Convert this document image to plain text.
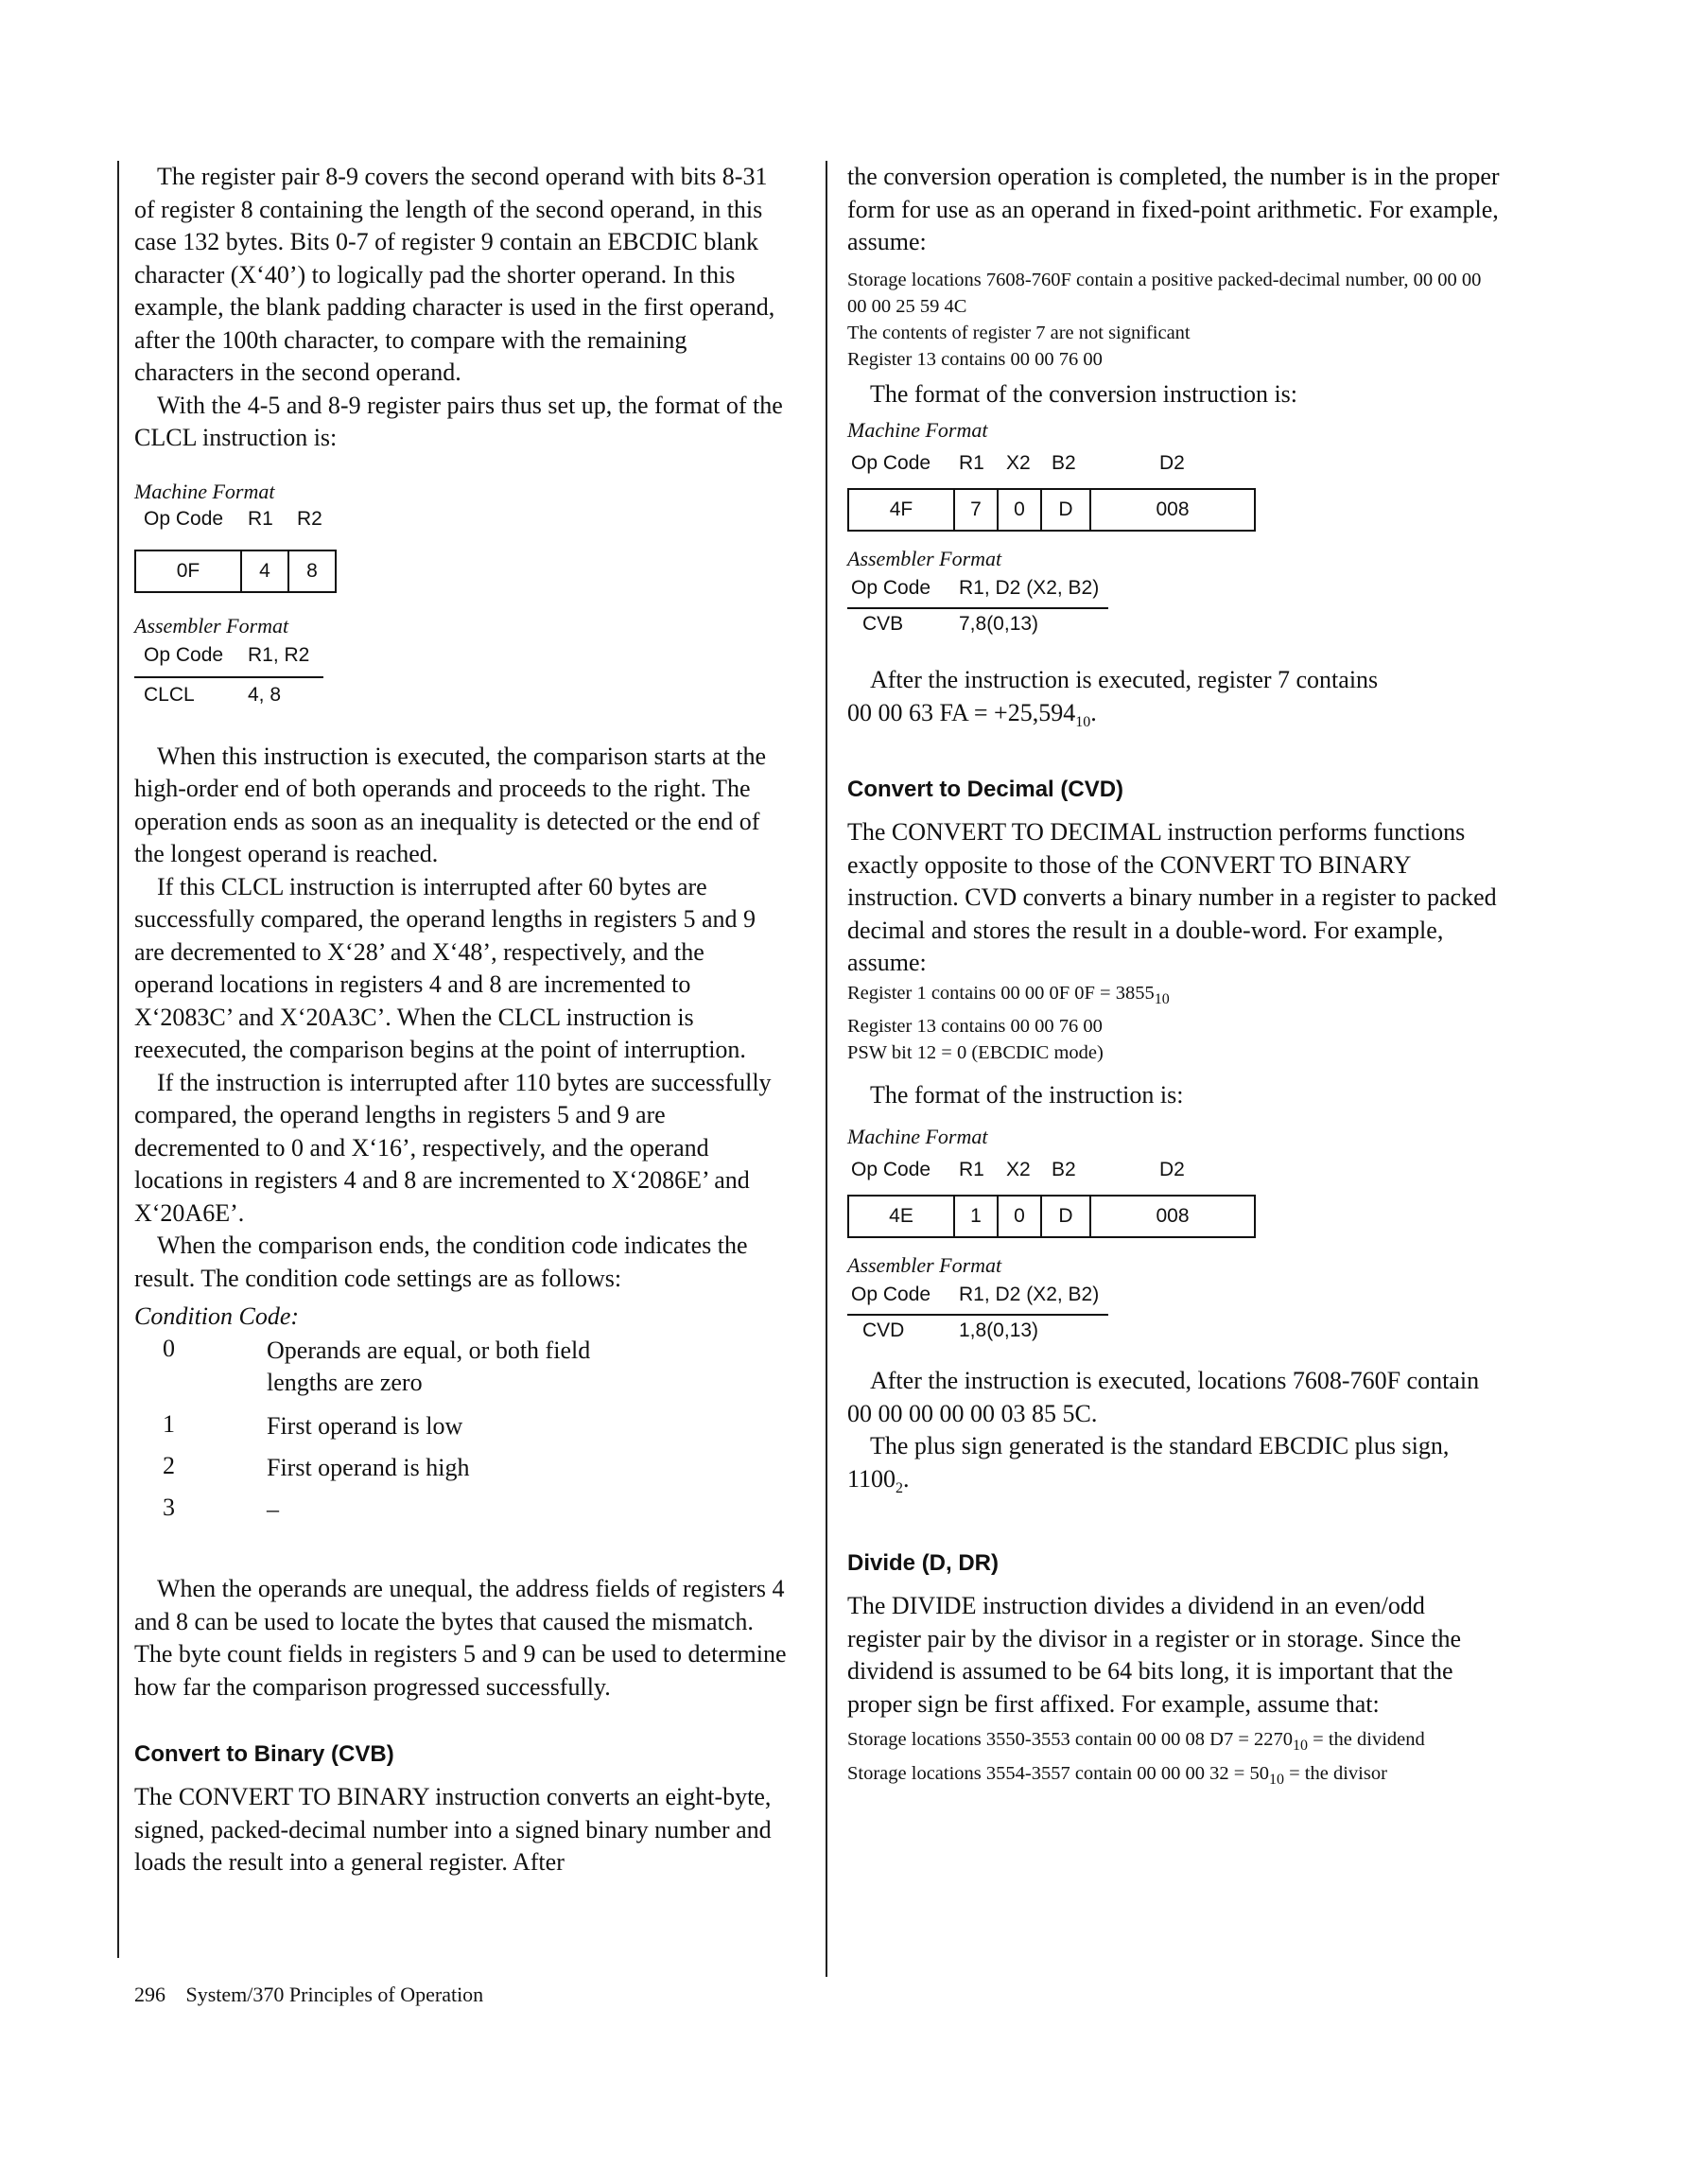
The register pair 8-9 covers the second operand with bits 8-31 of register 8 containing the length of the second operand, in this case 132 bytes. Bits 0-7 of register 9 contain an EBCDIC blank character (X‘40’) to logically pad the shorter operand. In this example, the blank padding character is used in the first operand, after the 100th character, to compare with the remaining characters in the second operand.

With the 4-5 and 8-9 register pairs thus set up, the format of the CLCL instruction is:

Machine Format
Op Code R1 R2
0F	4	8
Assembler Format
Op Code R1, R2
CLCL	4, 8

When this instruction is executed, the comparison starts at the high-order end of both operands and proceeds to the right. The operation ends as soon as an inequality is detected or the end of the longest operand is reached.

If this CLCL instruction is interrupted after 60 bytes are successfully compared, the operand lengths in registers 5 and 9 are decremented to X‘28’ and X‘48’, respectively, and the operand locations in registers 4 and 8 are incremented to X‘2083C’ and X‘20A3C’. When the CLCL instruction is reexecuted, the comparison begins at the point of interruption.

If the instruction is interrupted after 110 bytes are successfully compared, the operand lengths in registers 5 and 9 are decremented to 0 and X‘16’, respectively, and the operand locations in registers 4 and 8 are incremented to X‘2086E’ and X‘20A6E’.

When the comparison ends, the condition code indicates the result. The condition code settings are as follows:

Condition Code:
0	Operands are equal, or both field lengths are zero
1	First operand is low
2	First operand is high
3	–

When the operands are unequal, the address fields of registers 4 and 8 can be used to locate the bytes that caused the mismatch. The byte count fields in registers 5 and 9 can be used to determine how far the comparison progressed successfully.

Convert to Binary (CVB)

The CONVERT TO BINARY instruction converts an eight-byte, signed, packed-decimal number into a signed binary number and loads the result into a general register. After

the conversion operation is completed, the number is in the proper form for use as an operand in fixed-point arithmetic. For example, assume:

Storage locations 7608-760F contain a positive packed-decimal number, 00 00 00 00 00 25 59 4C

The contents of register 7 are not significant

Register 13 contains 00 00 76 00

The format of the conversion instruction is:

Machine Format
Op Code R1 X2 B2	D2
4F	7	0	D	008
Assembler Format
Op Code R1, D2 (X2, B2)
CVB	7,8(0,13)

After the instruction is executed, register 7 contains
00 00 63 FA = $+25,594_{10}$.

Convert to Decimal (CVD)

The CONVERT TO DECIMAL instruction performs functions exactly opposite to those of the CONVERT TO BINARY instruction. CVD converts a binary number in a register to packed decimal and stores the result in a double-word. For example, assume:

Register 1 contains 00 00 0F $0F = 3855_{10}$

Register 13 contains 00 00 76 00

PSW bit 12 = 0 (EBCDIC mode)

The format of the instruction is:

Machine Format
Op Code R1 X2 B2	D2
4E	1	0	D	008
Assembler Format
Op Code R1, D2 (X2, B2)
CVD	1,8(0,13)

After the instruction is executed, locations 7608-760F contain 00 00 00 00 00 03 85 5C.

The plus sign generated is the standard EBCDIC plus sign, $1100_2$.

Divide (D, DR)

The DIVIDE instruction divides a dividend in an even/odd register pair by the divisor in a register or in storage. Since the dividend is assumed to be 64 bits long, it is important that the proper sign be first affixed. For example, assume that:

Storage locations 3550-3553 contain 00 00 08 $D7 = 2270_{10}$ = the dividend

Storage locations 3554-3557 contain 00 00 00 $32 = 50_{10}$ = the divisor

296 System/370 Principles of Operation
